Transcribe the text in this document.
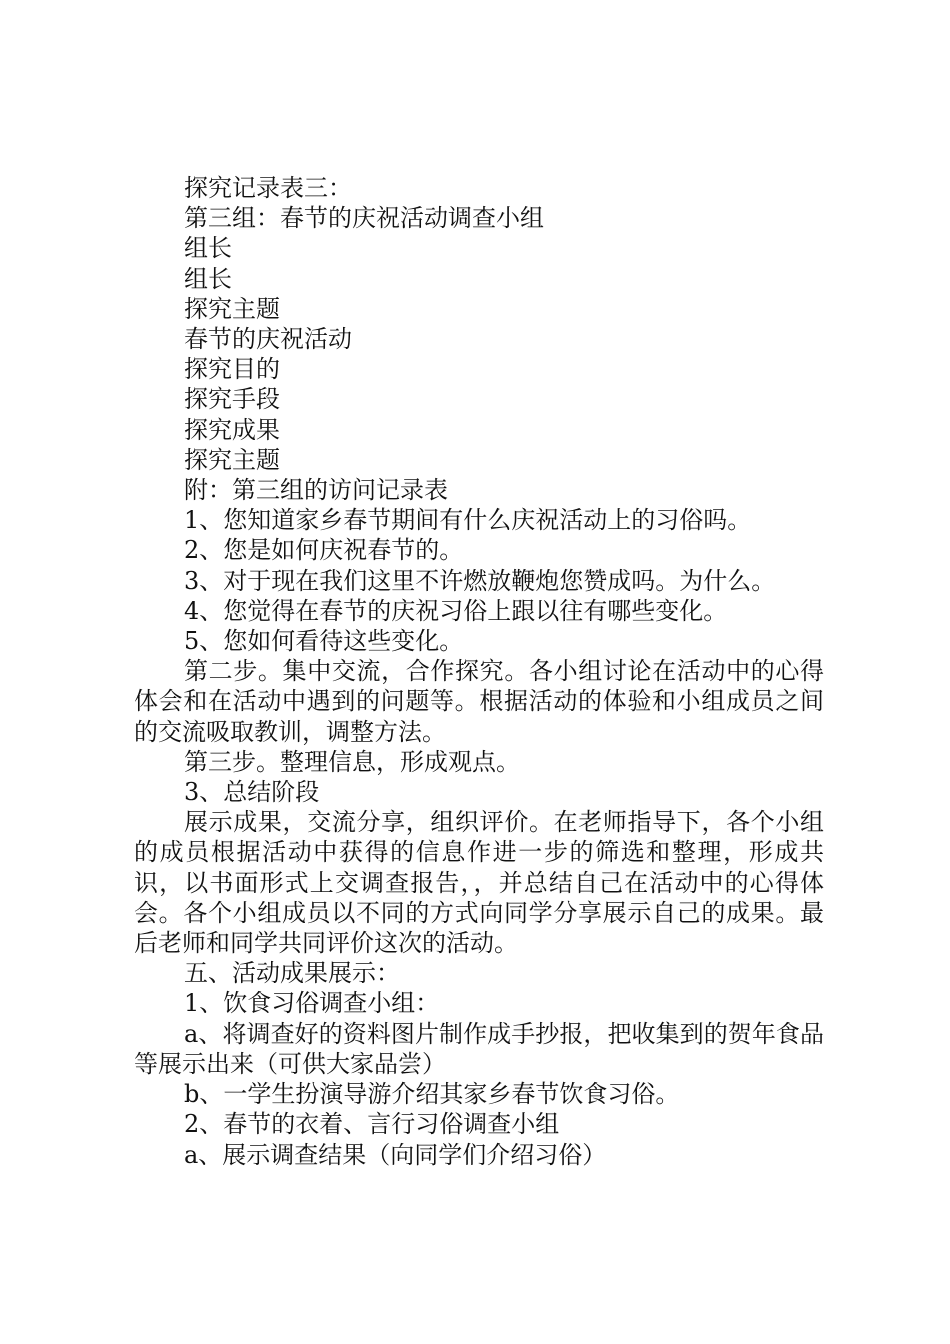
探究记录表三：

第三组：春节的庆祝活动调查小组

组长

组长

探究主题

春节的庆祝活动

探究目的

探究手段

探究成果

探究主题

附：第三组的访问记录表

1、您知道家乡春节期间有什么庆祝活动上的习俗吗。

2、您是如何庆祝春节的。

3、对于现在我们这里不许燃放鞭炮您赞成吗。为什么。

4、您觉得在春节的庆祝习俗上跟以往有哪些变化。

5、您如何看待这些变化。

第二步。集中交流，合作探究。各小组讨论在活动中的心得体会和在活动中遇到的问题等。根据活动的体验和小组成员之间的交流吸取教训，调整方法。

第三步。整理信息，形成观点。

3、总结阶段

展示成果，交流分享，组织评价。在老师指导下，各个小组的成员根据活动中获得的信息作进一步的筛选和整理，形成共识，以书面形式上交调查报告，，并总结自己在活动中的心得体会。各个小组成员以不同的方式向同学分享展示自己的成果。最后老师和同学共同评价这次的活动。

五、活动成果展示：

1、饮食习俗调查小组：

a、将调查好的资料图片制作成手抄报，把收集到的贺年食品等展示出来（可供大家品尝）

b、一学生扮演导游介绍其家乡春节饮食习俗。

2、春节的衣着、言行习俗调查小组

a、展示调查结果（向同学们介绍习俗）
